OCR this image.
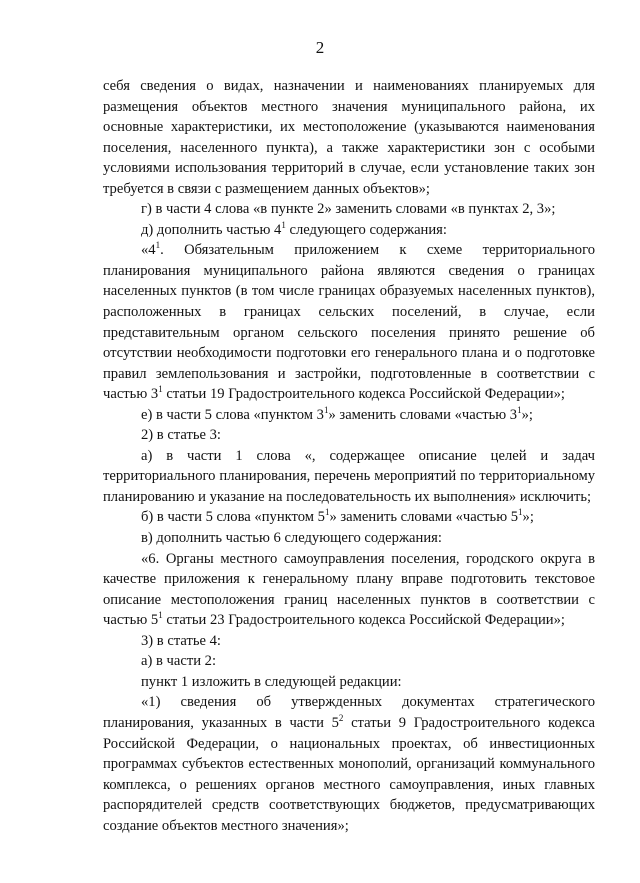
2

себя сведения о видах, назначении и наименованиях планируемых для размещения объектов местного значения муниципального района, их основные характеристики, их местоположение (указываются наименования поселения, населенного пункта), а также характеристики зон с особыми условиями использования территорий в случае, если установление таких зон требуется в связи с размещением данных объектов»;

г) в части 4 слова «в пункте 2» заменить словами «в пунктах 2, 3»;

д) дополнить частью $4^1$ следующего содержания:

«$4^1$. Обязательным приложением к схеме территориального планирования муниципального района являются сведения о границах населенных пунктов (в том числе границах образуемых населенных пунктов), расположенных в границах сельских поселений, в случае, если представительным органом сельского поселения принято решение об отсутствии необходимости подготовки его генерального плана и о подготовке правил землепользования и застройки, подготовленные в соответствии с частью $3^1$ статьи 19 Градостроительного кодекса Российской Федерации»;

е) в части 5 слова «пунктом $3^1$» заменить словами «частью $3^1$»;

2) в статье 3:

а) в части 1 слова «, содержащее описание целей и задач территориального планирования, перечень мероприятий по территориальному планированию и указание на последовательность их выполнения» исключить;

б) в части 5 слова «пунктом $5^1$» заменить словами «частью $5^1$»;

в) дополнить частью 6 следующего содержания:

«6. Органы местного самоуправления поселения, городского округа в качестве приложения к генеральному плану вправе подготовить текстовое описание местоположения границ населенных пунктов в соответствии с частью $5^1$ статьи 23 Градостроительного кодекса Российской Федерации»;

3) в статье 4:

а) в части 2:

пункт 1 изложить в следующей редакции:

«1) сведения об утвержденных документах стратегического планирования, указанных в части $5^2$ статьи 9 Градостроительного кодекса Российской Федерации, о национальных проектах, об инвестиционных программах субъектов естественных монополий, организаций коммунального комплекса, о решениях органов местного самоуправления, иных главных распорядителей средств соответствующих бюджетов, предусматривающих создание объектов местного значения»;
